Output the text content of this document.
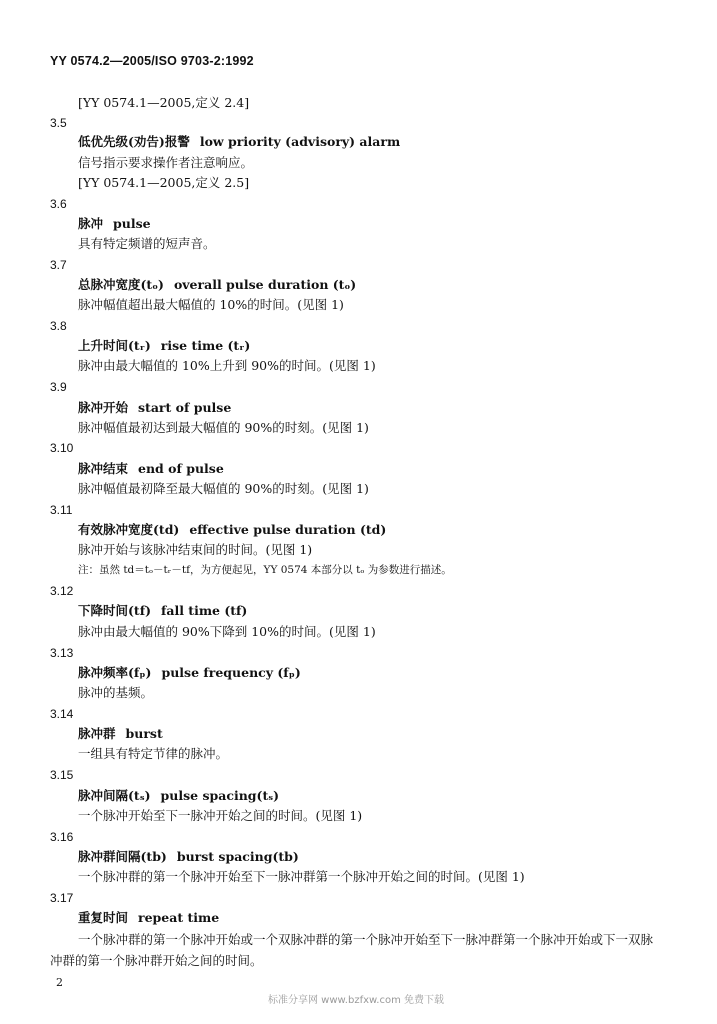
YY 0574.2—2005/ISO 9703-2:1992
[YY 0574.1—2005,定义 2.4]
3.5
低优先级(劝告)报警 low priority (advisory) alarm
信号指示要求操作者注意响应。
[YY 0574.1—2005,定义 2.5]
3.6
脉冲 pulse
具有特定频谱的短声音。
3.7
总脉冲宽度(tₒ) overall pulse duration (tₒ)
脉冲幅值超出最大幅值的 10%的时间。(见图 1)
3.8
上升时间(tᵣ) rise time (tᵣ)
脉冲由最大幅值的 10%上升到 90%的时间。(见图 1)
3.9
脉冲开始 start of pulse
脉冲幅值最初达到最大幅值的 90%的时刻。(见图 1)
3.10
脉冲结束 end of pulse
脉冲幅值最初降至最大幅值的 90%的时刻。(见图 1)
3.11
有效脉冲宽度(td) effective pulse duration (td)
脉冲开始与该脉冲结束间的时间。(见图 1)
注：虽然 td＝tₒ－tᵣ－tf，为方便起见，YY 0574 本部分以 tₒ 为参数进行描述。
3.12
下降时间(tf) fall time (tf)
脉冲由最大幅值的 90%下降到 10%的时间。(见图 1)
3.13
脉冲频率(fₚ) pulse frequency (fₚ)
脉冲的基频。
3.14
脉冲群 burst
一组具有特定节律的脉冲。
3.15
脉冲间隔(tₛ) pulse spacing(tₛ)
一个脉冲开始至下一脉冲开始之间的时间。(见图 1)
3.16
脉冲群间隔(tb) burst spacing(tb)
一个脉冲群的第一个脉冲开始至下一脉冲群第一个脉冲开始之间的时间。(见图 1)
3.17
重复时间 repeat time
一个脉冲群的第一个脉冲开始或一个双脉冲群的第一个脉冲开始至下一脉冲群第一个脉冲开始或下一双脉冲群的第一个脉冲群开始之间的时间。
2
标准分享网 www.bzfxw.com 免费下载
